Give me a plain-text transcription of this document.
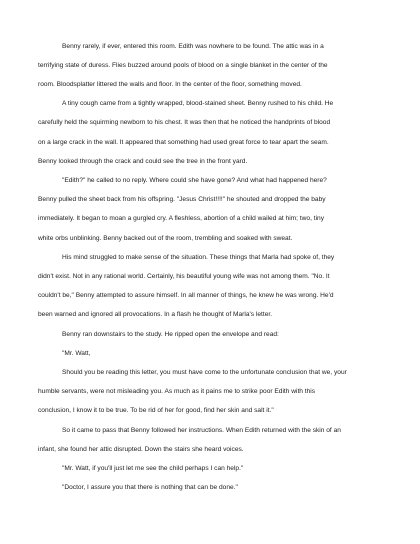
Benny rarely, if ever, entered this room. Edith was nowhere to be found. The attic was in a
terrifying state of duress. Flies buzzed around pools of blood on a single blanket in the center of the
room. Bloodsplatter littered the walls and floor. In the center of the floor, something moved.
A tiny cough came from a tightly wrapped, blood-stained sheet. Benny rushed to his child. He
carefully held the squirming newborn to his chest. It was then that he noticed the handprints of blood
on a large crack in the wall. It appeared that something had used great force to tear apart the seam.
Benny looked through the crack and could see the tree in the front yard.
"Edith?" he called to no reply. Where could she have gone? And what had happened here?
Benny pulled the sheet back from his offspring. "Jesus Christ!!!!" he shouted and dropped the baby
immediately. It began to moan a gurgled cry. A fleshless, abortion of a child wailed at him; two, tiny
white orbs unblinking. Benny backed out of the room, trembling and soaked with sweat.
His mind struggled to make sense of the situation. These things that Marla had spoke of, they
didn't exist. Not in any rational world. Certainly, his beautiful young wife was not among them. "No. It
couldn't be," Benny attempted to assure himself. In all manner of things, he knew he was wrong. He'd
been warned and ignored all provocations. In a flash he thought of Marla's letter.
Benny ran downstairs to the study. He ripped open the envelope and read:
"Mr. Watt,
Should you be reading this letter, you must have come to the unfortunate conclusion that we, your
humble servants, were not misleading you. As much as it pains me to strike poor Edith with this
conclusion, I know it to be true. To be rid of her for good, find her skin and salt it."
So it came to pass that Benny followed her instructions. When Edith returned with the skin of an
infant, she found her attic disrupted. Down the stairs she heard voices.
"Mr. Watt, if you'll just let me see the child perhaps I can help."
"Doctor, I assure you that there is nothing that can be done."
